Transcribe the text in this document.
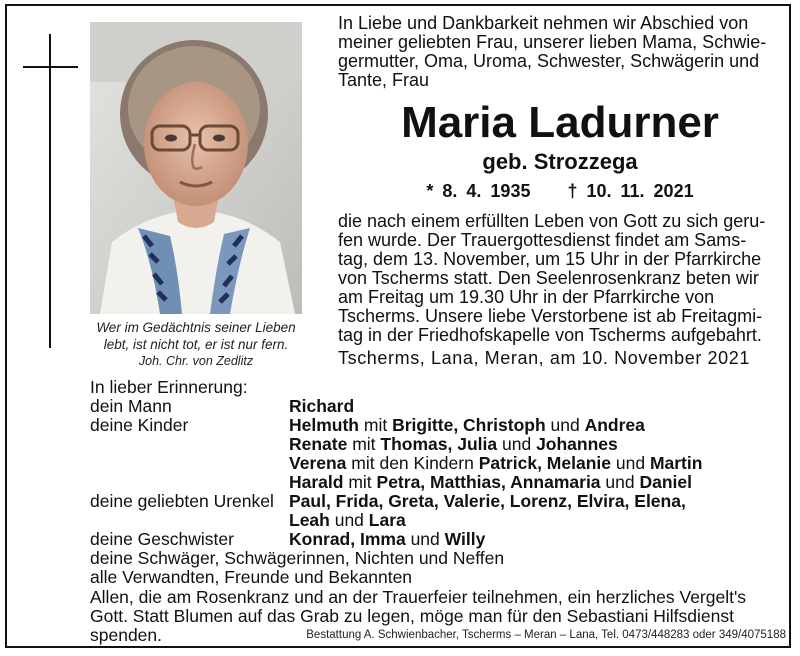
Wer im Gedächtnis seiner Lieben
lebt, ist nicht tot, er ist nur fern.
Joh. Chr. von Zedlitz
In Liebe und Dankbarkeit nehmen wir Abschied von
meiner geliebten Frau, unserer lieben Mama, Schwie-
germutter, Oma, Uroma, Schwester, Schwägerin und
Tante, Frau
Maria Ladurner
geb. Strozzega
* 8. 4. 1935 † 10. 11. 2021
die nach einem erfüllten Leben von Gott zu sich geru-
fen wurde. Der Trauergottesdienst findet am Sams-
tag, dem 13. November, um 15 Uhr in der Pfarrkirche
von Tscherms statt. Den Seelenrosenkranz beten wir
am Freitag um 19.30 Uhr in der Pfarrkirche von
Tscherms. Unsere liebe Verstorbene ist ab Freitagmi-
tag in der Friedhofskapelle von Tscherms aufgebahrt.
Tscherms, Lana, Meran, am 10. November 2021
In lieber Erinnerung:
dein Mann	Richard
deine Kinder	Helmuth mit Brigitte, Christoph und Andrea
Renate mit Thomas, Julia und Johannes
Verena mit den Kindern Patrick, Melanie und Martin
Harald mit Petra, Matthias, Annamaria und Daniel
deine geliebten Urenkel Paul, Frida, Greta, Valerie, Lorenz, Elvira, Elena,
Leah und Lara
deine Geschwister	Konrad, Imma und Willy
deine Schwäger, Schwägerinnen, Nichten und Neffen
alle Verwandten, Freunde und Bekannten
Allen, die am Rosenkranz und an der Trauerfeier teilnehmen, ein herzliches Vergelt's
Gott. Statt Blumen auf das Grab zu legen, möge man für den Sebastiani Hilfsdienst
spenden.	Bestattung A. Schwienbacher, Tscherms – Meran – Lana, Tel. 0473/448283 oder 349/4075188
